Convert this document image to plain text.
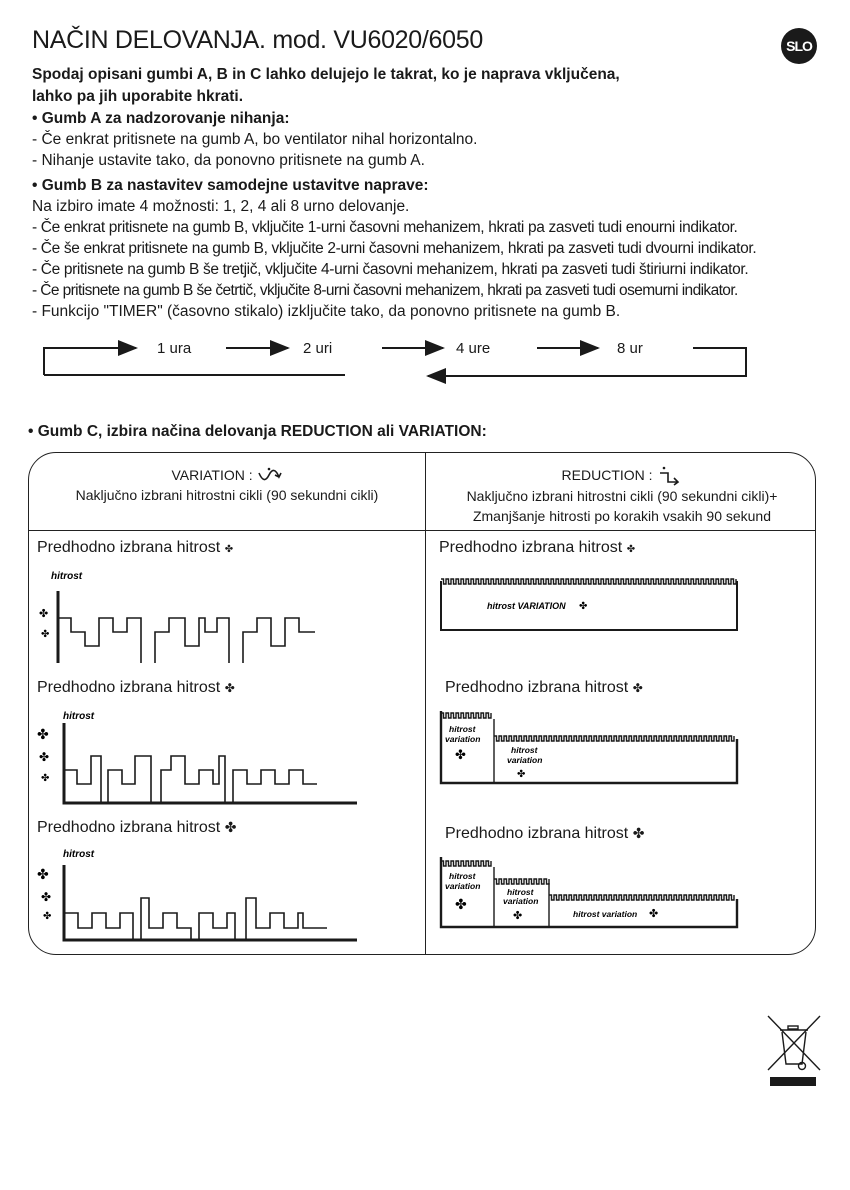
NAČIN DELOVANJA. mod. VU6020/6050	SLO
Spodaj opisani gumbi A, B in C lahko delujejo le takrat, ko je naprava vključena,
lahko pa jih uporabite hkrati.
• Gumb A za nadzorovanje nihanja:
- Če enkrat pritisnete na gumb A, bo ventilator nihal horizontalno.
- Nihanje ustavite tako, da ponovno pritisnete na gumb A.
• Gumb B za nastavitev samodejne ustavitve naprave:
Na izbiro imate 4 možnosti: 1, 2, 4 ali 8 urno delovanje.
- Če enkrat pritisnete na gumb B, vključite 1-urni časovni mehanizem, hkrati pa zasveti tudi enourni indikator.
- Če še enkrat pritisnete na gumb B, vključite 2-urni časovni mehanizem, hkrati pa zasveti tudi dvourni indikator.
- Če pritisnete na gumb B še tretjič, vključite 4-urni časovni mehanizem, hkrati pa zasveti tudi štiriurni indikator.
- Če pritisnete na gumb B še četrtič, vključite 8-urni časovni mehanizem, hkrati pa zasveti tudi osemurni indikator.
- Funkcijo "TIMER" (časovno stikalo) izključite tako, da ponovno pritisnete na gumb B.
1 ura	2 uri	4 ure	8 ur
• Gumb C, izbira načina delovanja REDUCTION ali VARIATION:
VARIATION :
Naključno izbrani hitrostni cikli (90 sekundni cikli)
REDUCTION :
Naključno izbrani hitrostni cikli (90 sekundni cikli)+
Zmanjšanje hitrosti po korakih vsakih 90 sekund
Predhodno izbrana hitrost ✤
hitrost
✤
✤
Predhodno izbrana hitrost ✤
hitrost VARIATION ✤
Predhodno izbrana hitrost ✤
hitrost
✤
✤
✤
Predhodno izbrana hitrost ✤
hitrost
variation
✤	hitrost
variation
✤
Predhodno izbrana hitrost ✤
hitrost
✤
✤
✤
Predhodno izbrana hitrost ✤
hitrost
variation
✤
hitrost
variation
✤	hitrost variation ✤
